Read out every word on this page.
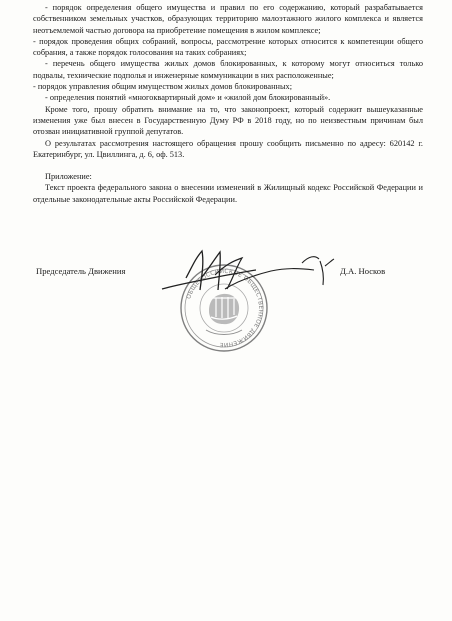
- порядок определения общего имущества и правил по его содержанию, который разрабатывается собственником земельных участков, образующих территорию малоэтажного жилого комплекса и является неотъемлемой частью договора на приобретение помещения в жилом комплексе;

- порядок проведения общих собраний, вопросы, рассмотрение которых относится к компетенции общего собрания, а также порядок голосования на таких собраниях;

- перечень общего имущества жилых домов блокированных, к которому могут относиться только подвалы, технические подполья и инженерные коммуникации в них расположенные;

- порядок управления общим имуществом жилых домов блокированных;

- определения понятий «многоквартирный дом» и «жилой дом блокированный».

Кроме того, прошу обратить внимание на то, что законопроект, который содержит вышеуказанные изменения уже был внесен в Государственную Думу РФ в 2018 году, но по неизвестным причинам был отозван инициативной группой депутатов.

О результатах рассмотрения настоящего обращения прошу сообщить письменно по адресу: 620142 г. Екатеринбург, ул. Цвиллинга, д. 6, оф. 513.

Приложение:

Текст проекта федерального закона о внесении изменений в Жилищный кодекс Российской Федерации и отдельные законодательные акты Российской Федерации.

ОБЩЕРОССИЙСКОЕ ОБЩЕСТВЕННОЕ ДВИЖЕНИЕ
Председатель Движения	Д.А. Носков
